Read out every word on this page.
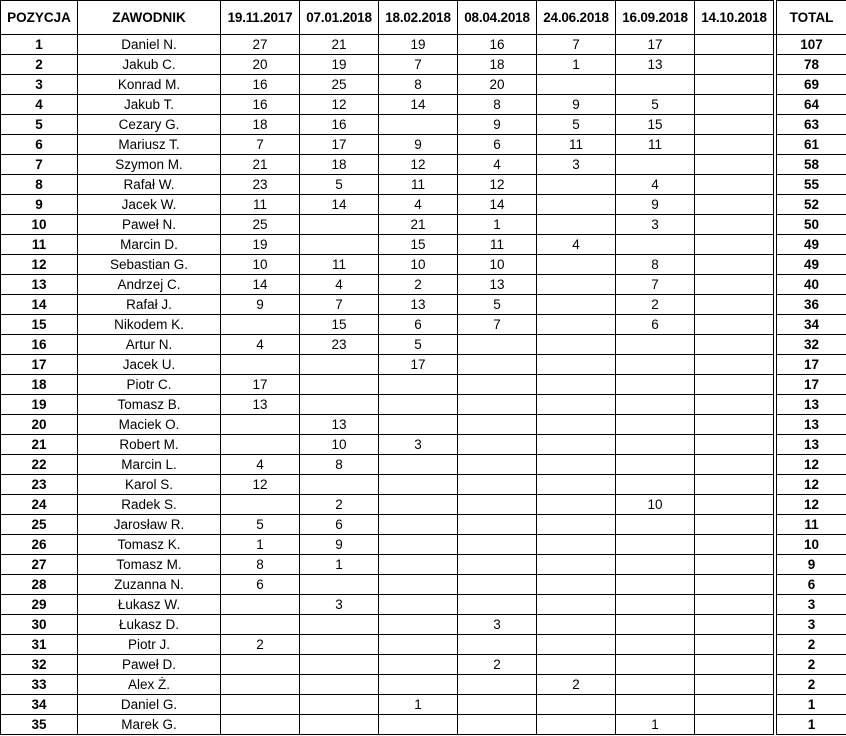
POZYCJA	ZAWODNIK	19.11.2017	07.01.2018	18.02.2018	08.04.2018	24.06.2018	16.09.2018	14.10.2018		TOTAL
1	Daniel N.	27	21	19	16	7	17			107
2	Jakub C.	20	19	7	18	1	13			78
3	Konrad M.	16	25	8	20					69
4	Jakub T.	16	12	14	8	9	5			64
5	Cezary G.	18	16		9	5	15			63
6	Mariusz T.	7	17	9	6	11	11			61
7	Szymon M.	21	18	12	4	3				58
8	Rafał W.	23	5	11	12		4			55
9	Jacek W.	11	14	4	14		9			52
10	Paweł N.	25		21	1		3			50
11	Marcin D.	19		15	11	4				49
12	Sebastian G.	10	11	10	10		8			49
13	Andrzej C.	14	4	2	13		7			40
14	Rafał J.	9	7	13	5		2			36
15	Nikodem K.		15	6	7		6			34
16	Artur N.	4	23	5						32
17	Jacek U.			17						17
18	Piotr C.	17								17
19	Tomasz B.	13								13
20	Maciek O.		13							13
21	Robert M.		10	3						13
22	Marcin L.	4	8							12
23	Karol S.	12								12
24	Radek S.		2				10			12
25	Jarosław R.	5	6							11
26	Tomasz K.	1	9							10
27	Tomasz M.	8	1							9
28	Zuzanna N.	6								6
29	Łukasz W.		3							3
30	Łukasz D.				3					3
31	Piotr J.	2								2
32	Paweł D.				2					2
33	Alex Ż.					2				2
34	Daniel G.			1						1
35	Marek G.						1			1
